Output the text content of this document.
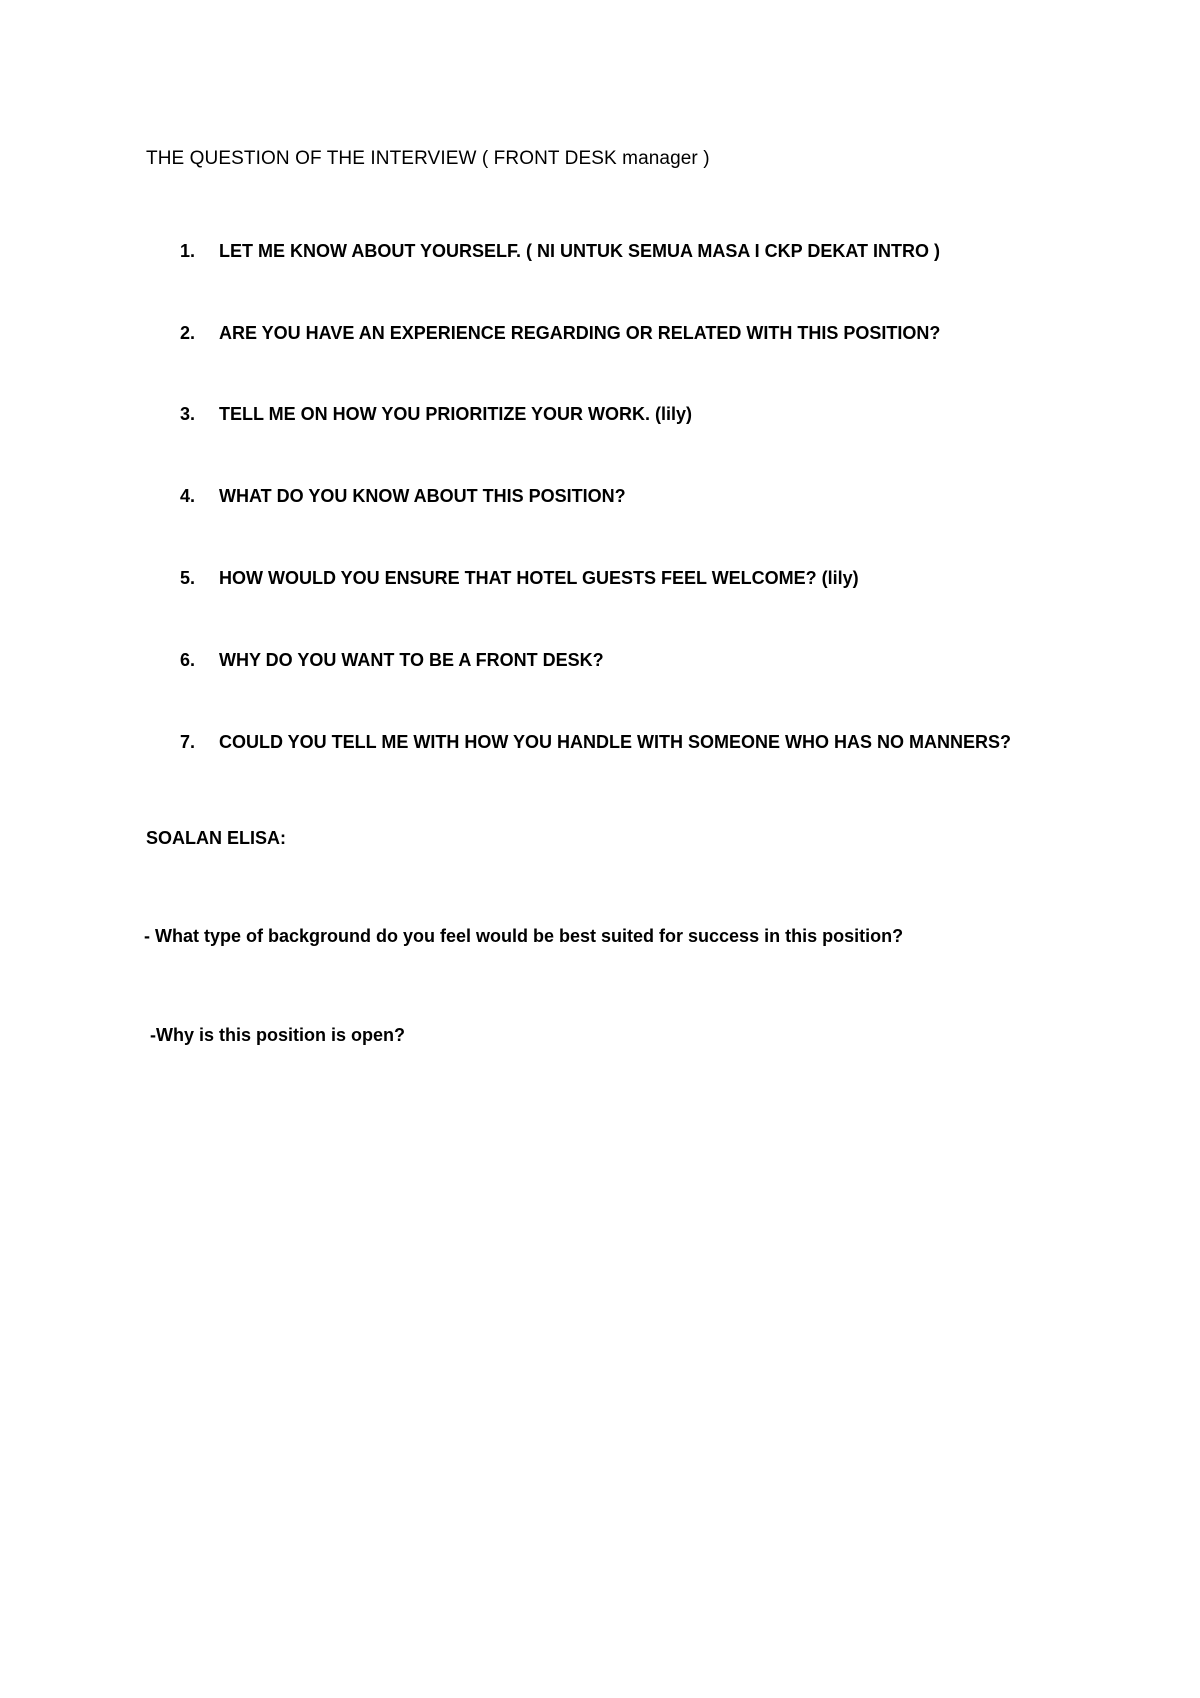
THE QUESTION OF THE INTERVIEW ( FRONT DESK manager )
1.	LET ME KNOW ABOUT YOURSELF. ( NI UNTUK SEMUA MASA I CKP DEKAT INTRO )
2.	ARE YOU HAVE AN EXPERIENCE REGARDING OR RELATED WITH THIS POSITION?
3.	TELL ME ON HOW YOU PRIORITIZE YOUR WORK. (lily)
4.	WHAT DO YOU KNOW ABOUT THIS POSITION?
5.	HOW WOULD YOU ENSURE THAT HOTEL GUESTS FEEL WELCOME? (lily)
6.	WHY DO YOU WANT TO BE A FRONT DESK?
7.	COULD YOU TELL ME WITH HOW YOU HANDLE WITH SOMEONE WHO HAS NO MANNERS?
SOALAN ELISA:
- What type of background do you feel would be best suited for success in this position?
-Why is this position is open?
